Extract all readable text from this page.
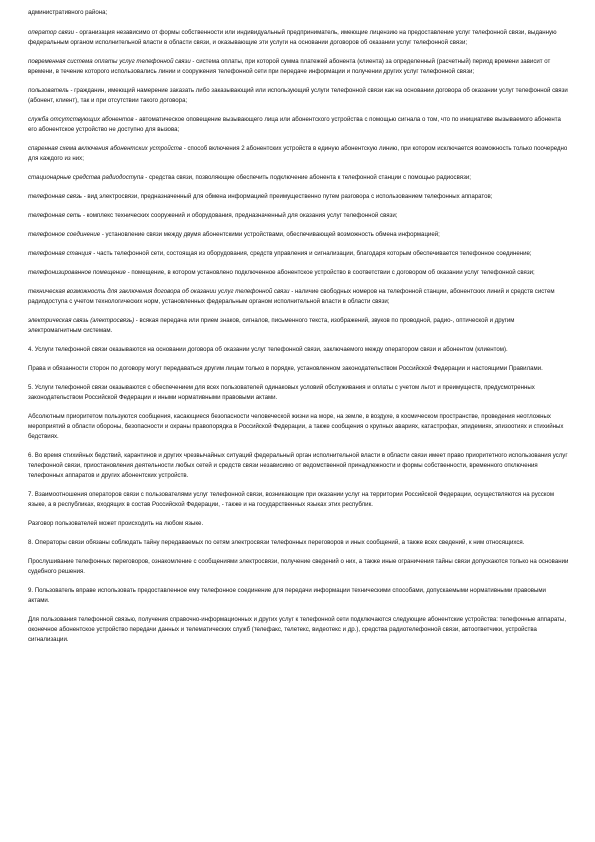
административного района;

оператор связи - организация независимо от формы собственности или индивидуальный предприниматель, имеющие лицензию на предоставление услуг телефонной связи, выданную федеральным органом исполнительной власти в области связи, и оказывающие эти услуги на основании договоров об оказании услуг телефонной связи;

повременная система оплаты услуг телефонной связи - система оплаты, при которой сумма платежей абонента (клиента) за определенный (расчетный) период времени зависит от времени, в течение которого использовались линии и сооружения телефонной сети при передаче информации и получении других услуг телефонной связи;

пользователь - гражданин, имеющий намерение заказать либо заказывающий или использующий услуги телефонной связи как на основании договора об оказании услуг телефонной связи (абонент, клиент), так и при отсутствии такого договора;

служба отсутствующих абонентов - автоматическое оповещение вызывающего лица или абонентского устройства с помощью сигнала о том, что по инициативе вызываемого абонента его абонентское устройство не доступно для вызова;

спаренная схема включения абонентских устройств - способ включения 2 абонентских устройств в единую абонентскую линию, при котором исключается возможность только поочередно для каждого из них;

стационарные средства радиодоступа - средства связи, позволяющие обеспечить подключение абонента к телефонной станции с помощью радиосвязи;

телефонная связь - вид электросвязи, предназначенный для обмена информацией преимущественно путем разговора с использованием телефонных аппаратов;

телефонная сеть - комплекс технических сооружений и оборудования, предназначенный для оказания услуг телефонной связи;

телефонное соединение - установление связи между двумя абонентскими устройствами, обеспечивающей возможность обмена информацией;

телефонная станция - часть телефонной сети, состоящая из оборудования, средств управления и сигнализации, благодаря которым обеспечивается телефонное соединение;

телефонизированное помещение - помещение, в котором установлено подключенное абонентское устройство в соответствии с договором об оказании услуг телефонной связи;

техническая возможность для заключения договора об оказании услуг телефонной связи - наличие свободных номеров на телефонной станции, абонентских линий и средств систем радиодоступа с учетом технологических норм, установленных федеральным органом исполнительной власти в области связи;

электрическая связь (электросвязь) - всякая передача или прием знаков, сигналов, письменного текста, изображений, звуков по проводной, радио-, оптической и другим электромагнитным системам.

4. Услуги телефонной связи оказываются на основании договора об оказании услуг телефонной связи, заключаемого между оператором связи и абонентом (клиентом).

Права и обязанности сторон по договору могут передаваться другим лицам только в порядке, установленном законодательством Российской Федерации и настоящими Правилами.

5. Услуги телефонной связи оказываются с обеспечением для всех пользователей одинаковых условий обслуживания и оплаты с учетом льгот и преимуществ, предусмотренных законодательством Российской Федерации и иными нормативными правовыми актами.

Абсолютным приоритетом пользуются сообщения, касающиеся безопасности человеческой жизни на море, на земле, в воздухе, в космическом пространстве, проведения неотложных мероприятий в области обороны, безопасности и охраны правопорядка в Российской Федерации, а также сообщения о крупных авариях, катастрофах, эпидемиях, эпизоотиях и стихийных бедствиях.

6. Во время стихийных бедствий, карантинов и других чрезвычайных ситуаций федеральный орган исполнительной власти в области связи имеет право приоритетного использования услуг телефонной связи, приостановления деятельности любых сетей и средств связи независимо от ведомственной принадлежности и формы собственности, временного отключения телефонных аппаратов и других абонентских устройств.

7. Взаимоотношения операторов связи с пользователями услуг телефонной связи, возникающие при оказании услуг на территории Российской Федерации, осуществляются на русском языке, а в республиках, входящих в состав Российской Федерации, - также и на государственных языках этих республик.

Разговор пользователей может происходить на любом языке.

8. Операторы связи обязаны соблюдать тайну передаваемых по сетям электросвязи телефонных переговоров и иных сообщений, а также всех сведений, к ним относящихся.

Прослушивание телефонных переговоров, ознакомление с сообщениями электросвязи, получение сведений о них, а также иные ограничения тайны связи допускаются только на основании судебного решения.

9. Пользователь вправе использовать предоставленное ему телефонное соединение для передачи информации техническими способами, допускаемыми нормативными правовыми актами.

Для пользования телефонной связью, получения справочно-информационных и других услуг к телефонной сети подключаются следующие абонентские устройства: телефонные аппараты, оконечное абонентское устройство передачи данных и телематических служб (телефакс, телетекс, видеотекс и др.), средства радиотелефонной связи, автоответчики, устройства сигнализации.
